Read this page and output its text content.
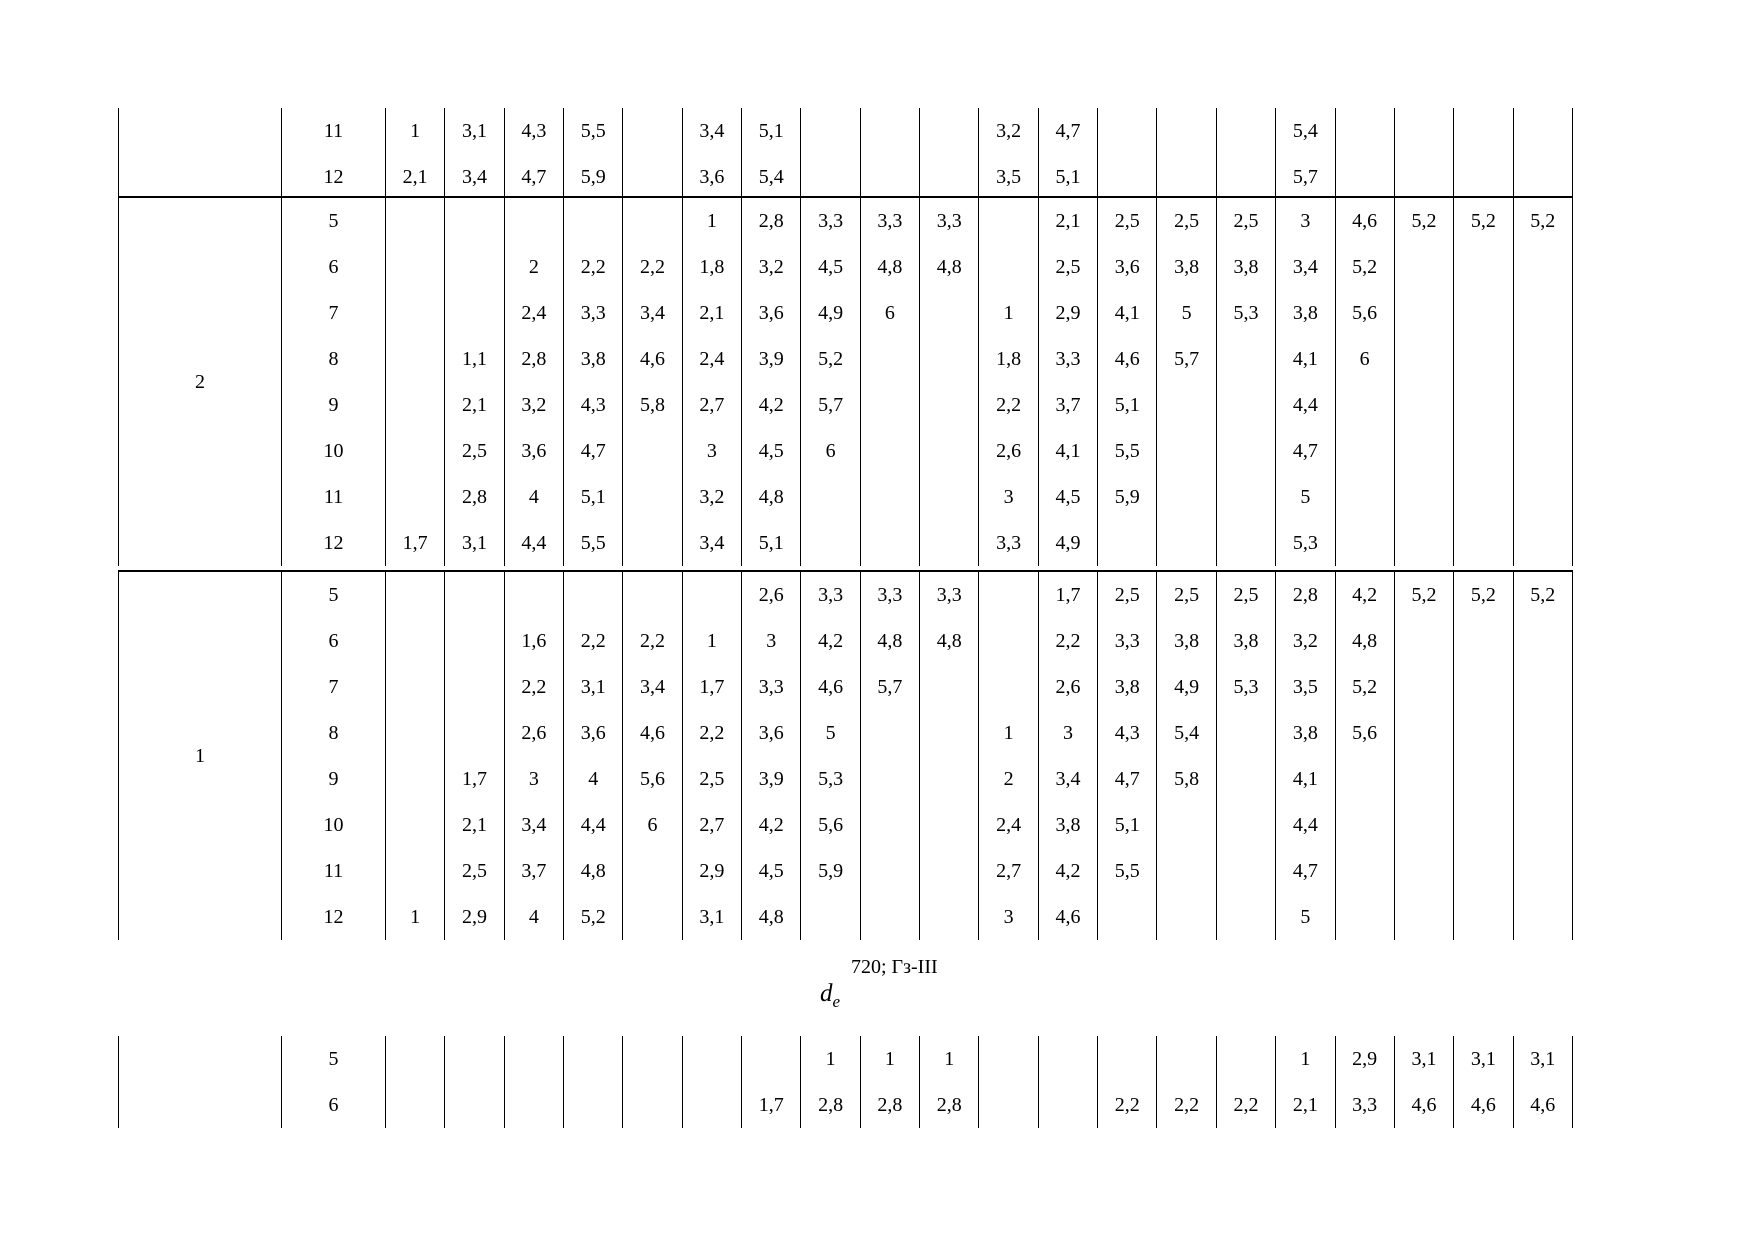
	11	1	3,1	4,3	5,5		3,4	5,1				3,2	4,7				5,4				
	12	2,1	3,4	4,7	5,9		3,6	5,4				3,5	5,1				5,7				
2	5						1	2,8	3,3	3,3	3,3		2,1	2,5	2,5	2,5	3	4,6	5,2	5,2	5,2
	6			2	2,2	2,2	1,8	3,2	4,5	4,8	4,8		2,5	3,6	3,8	3,8	3,4	5,2			
	7			2,4	3,3	3,4	2,1	3,6	4,9	6		1	2,9	4,1	5	5,3	3,8	5,6			
	8		1,1	2,8	3,8	4,6	2,4	3,9	5,2			1,8	3,3	4,6	5,7		4,1	6			
	9		2,1	3,2	4,3	5,8	2,7	4,2	5,7			2,2	3,7	5,1			4,4				
	10		2,5	3,6	4,7		3	4,5	6			2,6	4,1	5,5			4,7				
	11		2,8	4	5,1		3,2	4,8				3	4,5	5,9			5				
	12	1,7	3,1	4,4	5,5		3,4	5,1				3,3	4,9				5,3				
1	5							2,6	3,3	3,3	3,3		1,7	2,5	2,5	2,5	2,8	4,2	5,2	5,2	5,2
	6			1,6	2,2	2,2	1	3	4,2	4,8	4,8		2,2	3,3	3,8	3,8	3,2	4,8			
	7			2,2	3,1	3,4	1,7	3,3	4,6	5,7			2,6	3,8	4,9	5,3	3,5	5,2			
	8			2,6	3,6	4,6	2,2	3,6	5			1	3	4,3	5,4		3,8	5,6			
	9		1,7	3	4	5,6	2,5	3,9	5,3			2	3,4	4,7	5,8		4,1				
	10		2,1	3,4	4,4	6	2,7	4,2	5,6			2,4	3,8	5,1			4,4				
	11		2,5	3,7	4,8		2,9	4,5	5,9			2,7	4,2	5,5			4,7				
	12	1	2,9	4	5,2		3,1	4,8				3	4,6				5				
$d_e$
720; Гз-III
	5								1	1	1						1	2,9	3,1	3,1	3,1
	6							1,7	2,8	2,8	2,8			2,2	2,2	2,2	2,1	3,3	4,6	4,6	4,6
